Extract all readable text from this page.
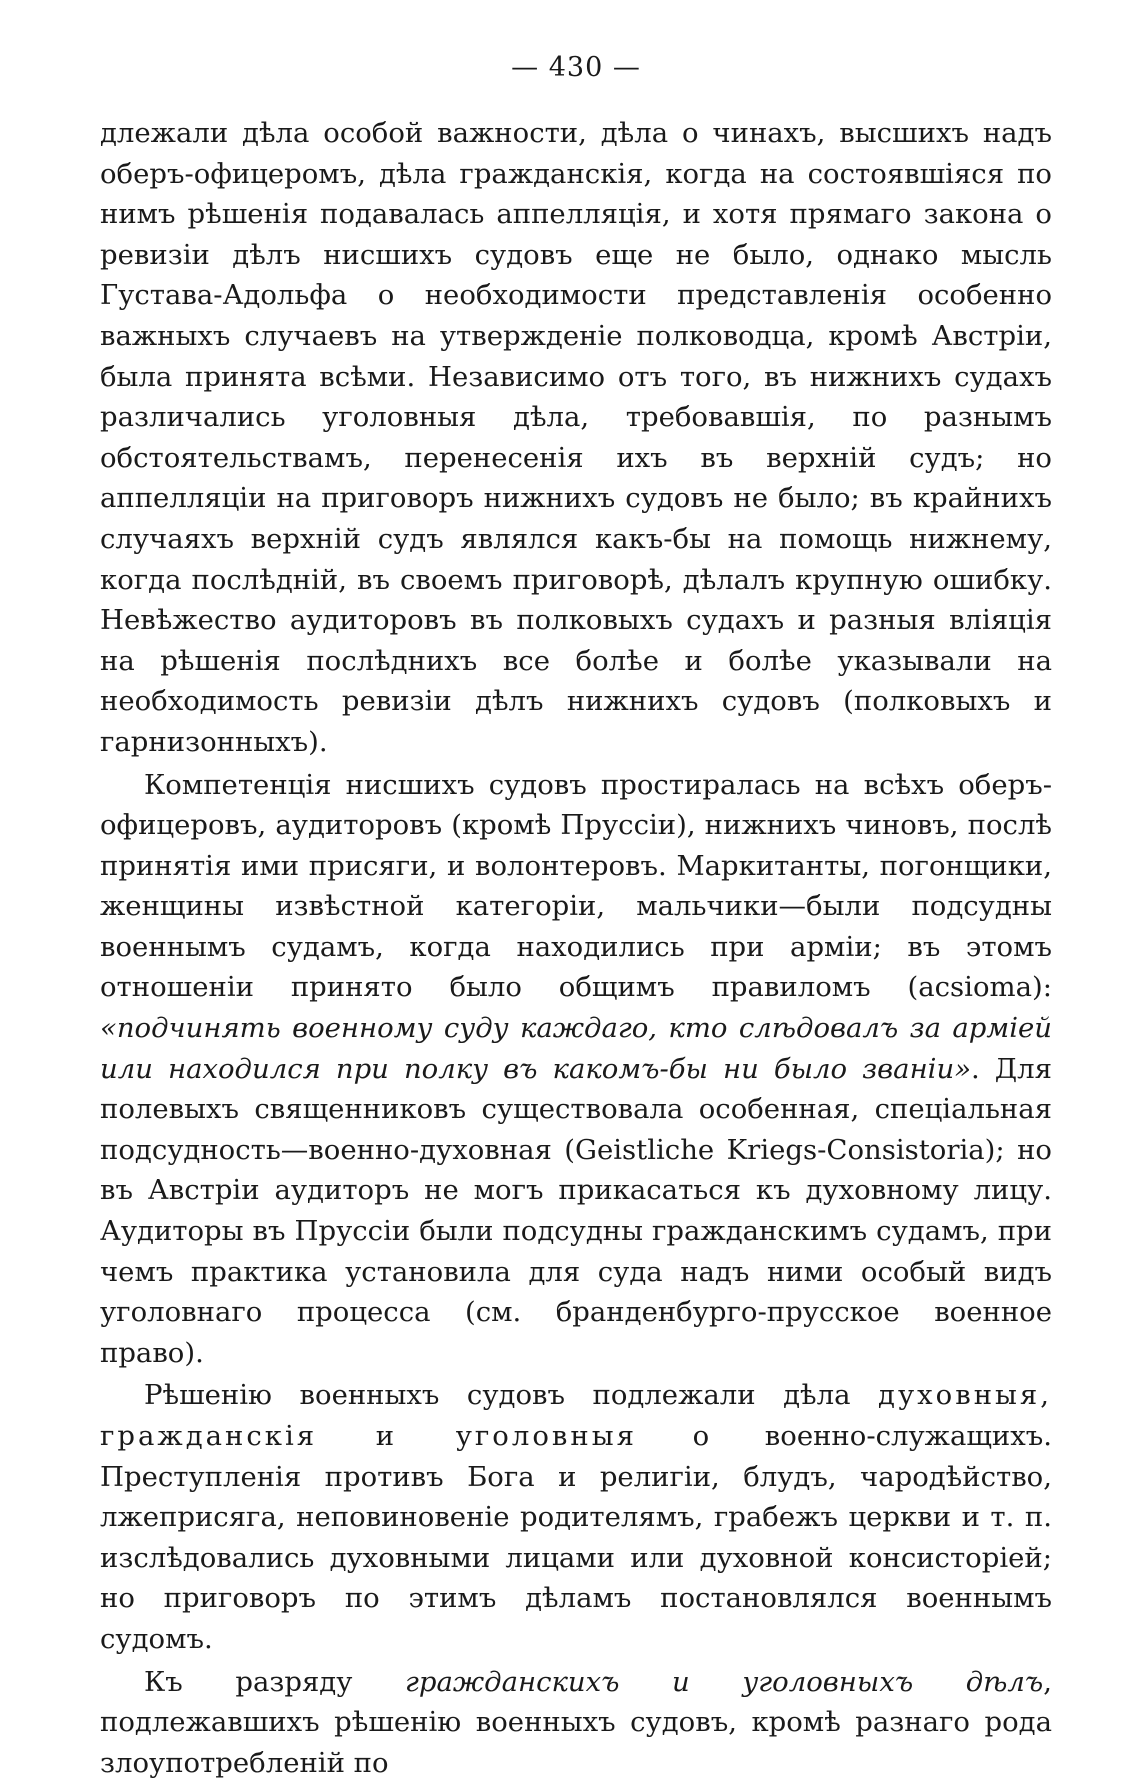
— 430 —

длежали дѣла особой важности, дѣла о чинахъ, высшихъ надъ оберъ-офицеромъ, дѣла гражданскія, когда на состоявшіяся по нимъ рѣшенія подавалась аппелляція, и хотя прямаго закона о ревизіи дѣлъ нисшихъ судовъ еще не было, однако мысль Густава-Адольфа о необходимости представленія особенно важныхъ случаевъ на утвержденіе полководца, кромѣ Австріи, была принята всѣми. Независимо отъ того, въ нижнихъ судахъ различались уголовныя дѣла, требовавшія, по разнымъ обстоятельствамъ, перенесенія ихъ въ верхній судъ; но аппелляціи на приговоръ нижнихъ судовъ не было; въ крайнихъ случаяхъ верхній судъ являлся какъ-бы на помощь нижнему, когда послѣдній, въ своемъ приговорѣ, дѣлалъ крупную ошибку. Невѣжество аудиторовъ въ полковыхъ судахъ и разныя вліяція на рѣшенія послѣднихъ все болѣе и болѣе указывали на необходимость ревизіи дѣлъ нижнихъ судовъ (полковыхъ и гарнизонныхъ).

Компетенція нисшихъ судовъ простиралась на всѣхъ оберъ-офицеровъ, аудиторовъ (кромѣ Пруссіи), нижнихъ чиновъ, послѣ принятія ими присяги, и волонтеровъ. Маркитанты, погонщики, женщины извѣстной категоріи, мальчики—были подсудны военнымъ судамъ, когда находились при арміи; въ этомъ отношеніи принято было общимъ правиломъ (acsioma): «подчинять военному суду каждаго, кто слѣдовалъ за арміей или находился при полку въ какомъ-бы ни было званіи». Для полевыхъ священниковъ существовала особенная, спеціальная подсудность—военно-духовная (Geistliche Kriegs-Consistoria); но въ Австріи аудиторъ не могъ прикасаться къ духовному лицу. Аудиторы въ Пруссіи были подсудны гражданскимъ судамъ, при чемъ практика установила для суда надъ ними особый видъ уголовнаго процесса (см. бранденбурго-прусское военное право).

Рѣшенію военныхъ судовъ подлежали дѣла духовныя, гражданскія и уголовныя о военно-служащихъ. Преступленія противъ Бога и религіи, блудъ, чародѣйство, лжеприсяга, неповиновеніе родителямъ, грабежъ церкви и т. п. изслѣдовались духовными лицами или духовной консисторіей; но приговоръ по этимъ дѣламъ постановлялся военнымъ судомъ.

Къ разряду гражданскихъ и уголовныхъ дѣлъ, подлежавшихъ рѣшенію военныхъ судовъ, кромѣ разнаго рода злоупотребленій по
